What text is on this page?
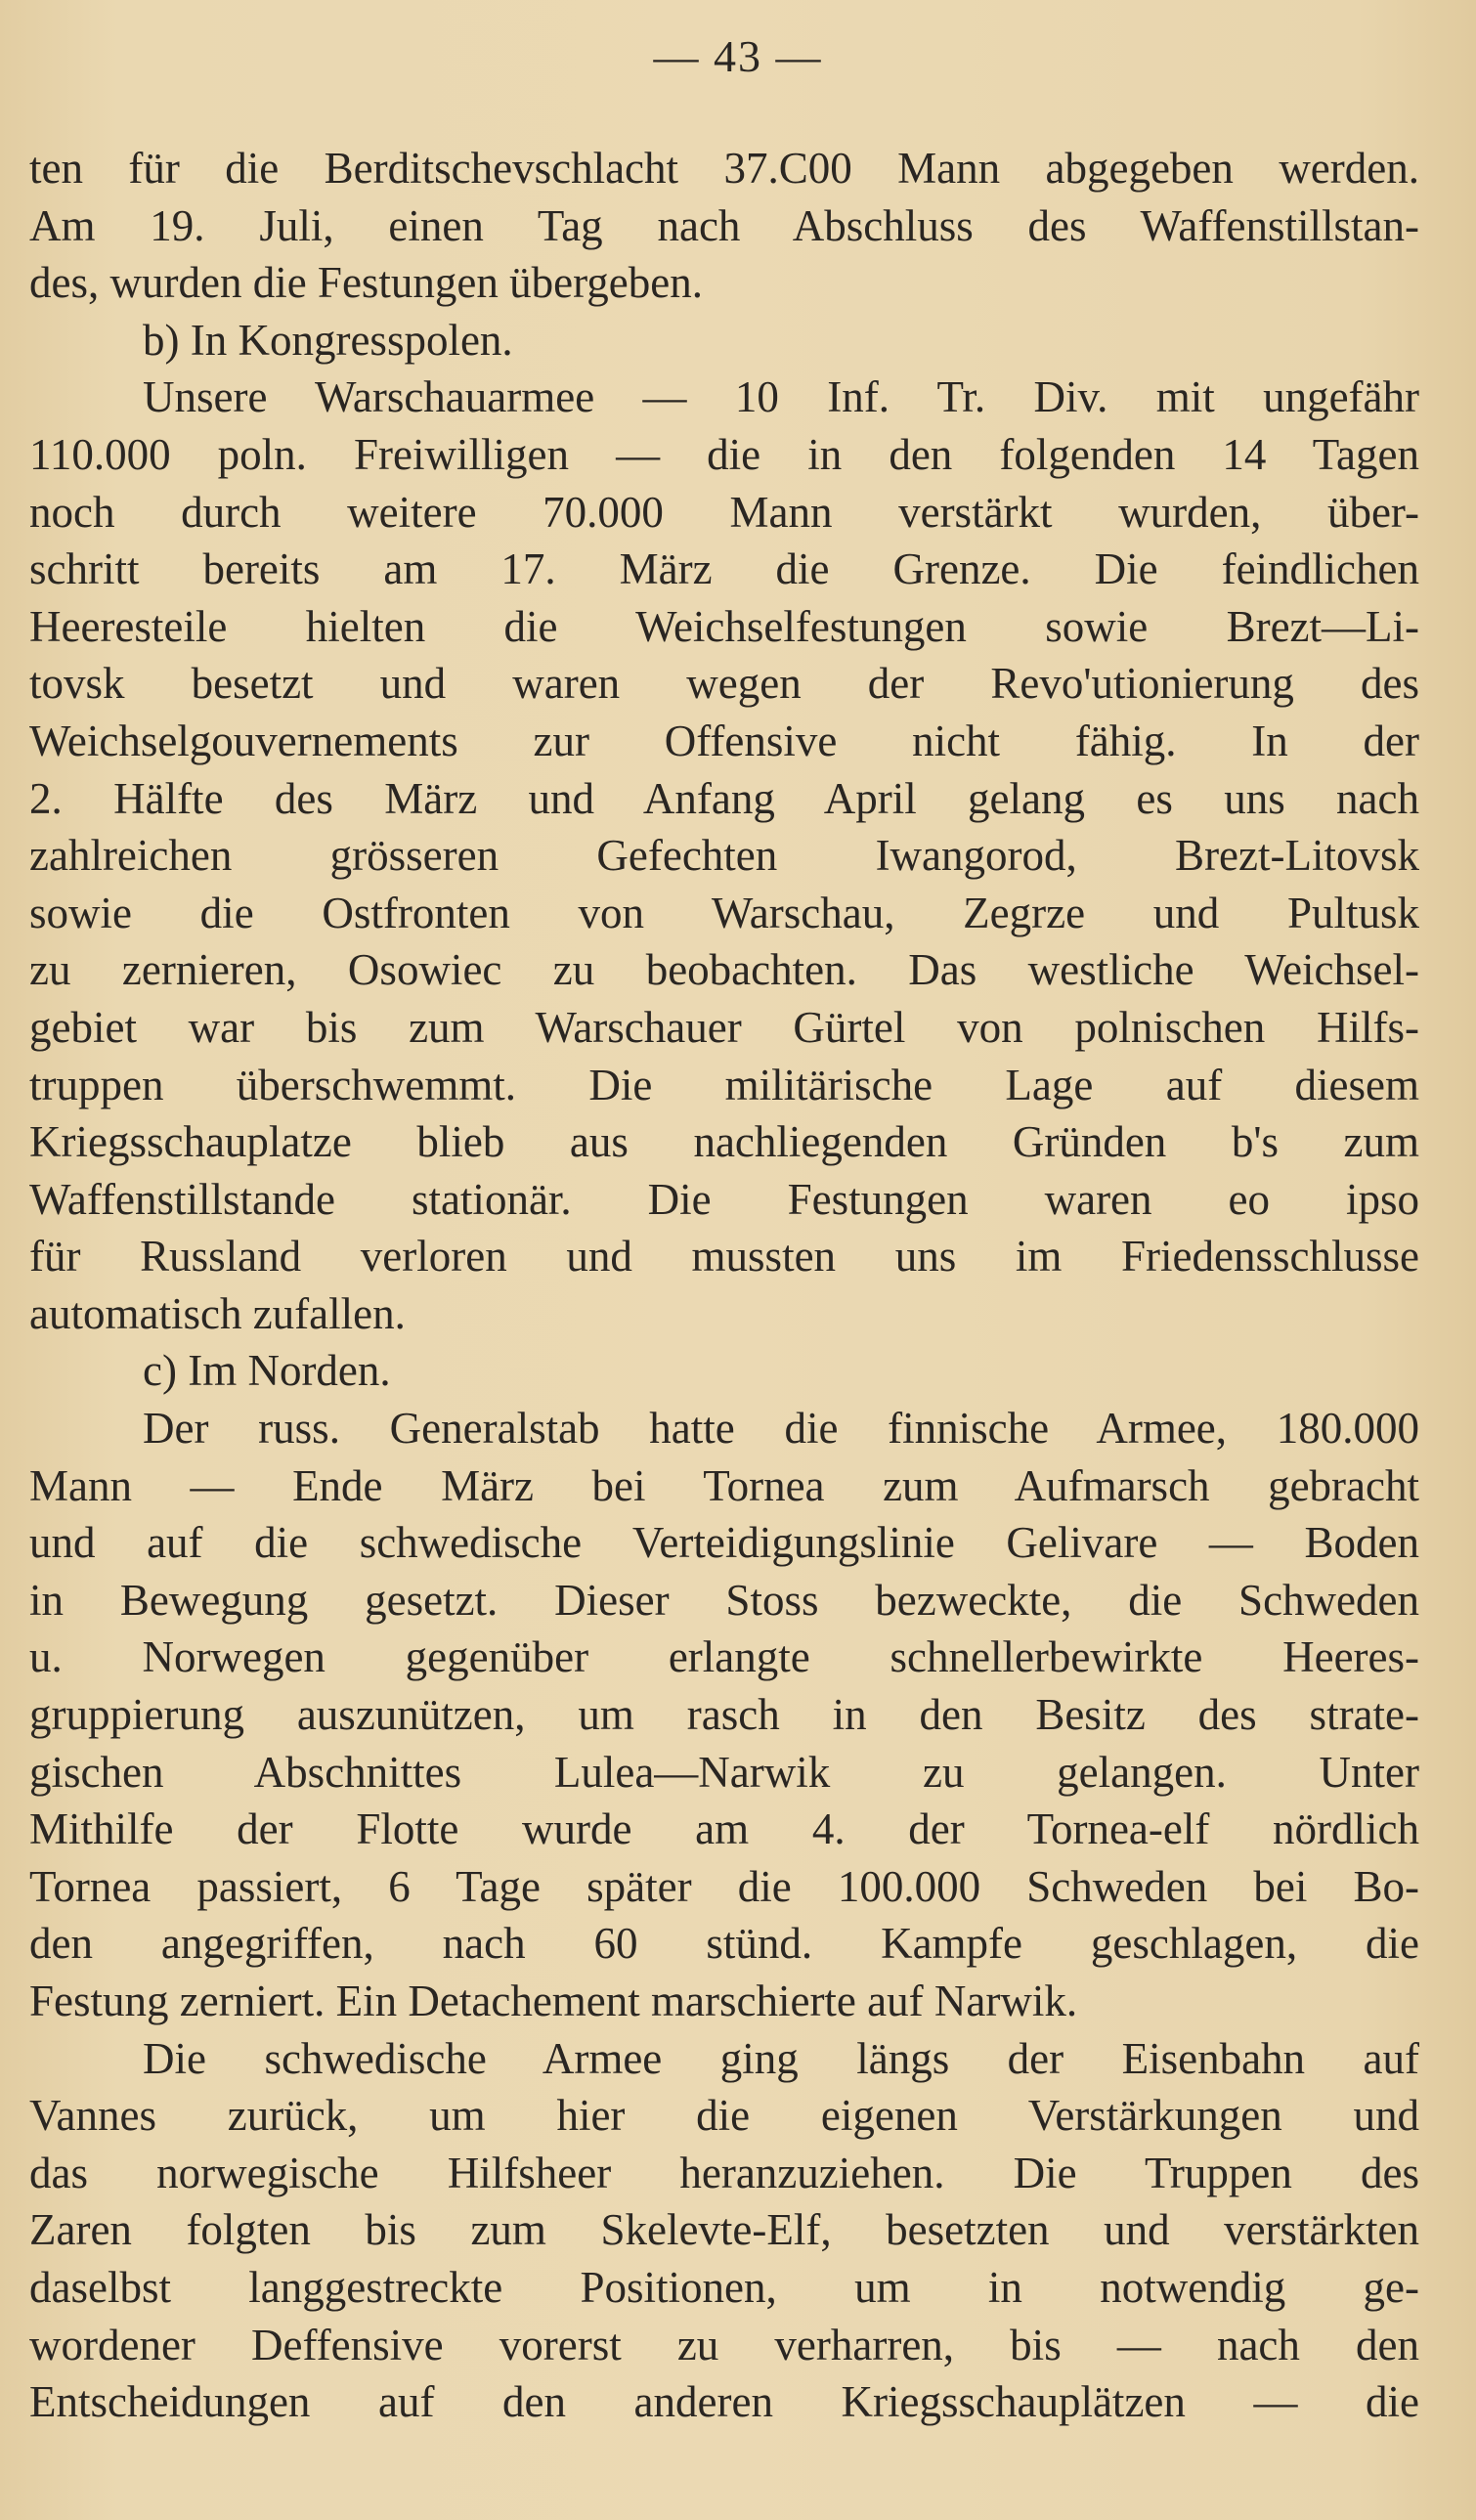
— 43 —
ten für die Berditschevschlacht 37.C00 Mann abgegeben werden.
Am 19. Juli, einen Tag nach Abschluss des Waffenstillstan-
des, wurden die Festungen übergeben.
b) In Kongresspolen.
Unsere Warschauarmee — 10 Inf. Tr. Div. mit ungefähr
110.000 poln. Freiwilligen — die in den folgenden 14 Tagen
noch durch weitere 70.000 Mann verstärkt wurden, über-
schritt bereits am 17. März die Grenze. Die feindlichen
Heeresteile hielten die Weichselfestungen sowie Brezt—Li-
tovsk besetzt und waren wegen der Revo'utionierung des
Weichselgouvernements zur Offensive nicht fähig. In der
2. Hälfte des März und Anfang April gelang es uns nach
zahlreichen grösseren Gefechten Iwangorod, Brezt-Litovsk
sowie die Ostfronten von Warschau, Zegrze und Pultusk
zu zernieren, Osowiec zu beobachten. Das westliche Weichsel-
gebiet war bis zum Warschauer Gürtel von polnischen Hilfs-
truppen überschwemmt. Die militärische Lage auf diesem
Kriegsschauplatze blieb aus nachliegenden Gründen b's zum
Waffenstillstande stationär. Die Festungen waren eo ipso
für Russland verloren und mussten uns im Friedensschlusse
automatisch zufallen.
c) Im Norden.
Der russ. Generalstab hatte die finnische Armee, 180.000
Mann — Ende März bei Tornea zum Aufmarsch gebracht
und auf die schwedische Verteidigungslinie Gelivare — Boden
in Bewegung gesetzt. Dieser Stoss bezweckte, die Schweden
u. Norwegen gegenüber erlangte schnellerbewirkte Heeres-
gruppierung auszunützen, um rasch in den Besitz des strate-
gischen Abschnittes Lulea—Narwik zu gelangen. Unter
Mithilfe der Flotte wurde am 4. der Tornea-elf nördlich
Tornea passiert, 6 Tage später die 100.000 Schweden bei Bo-
den angegriffen, nach 60 stünd. Kampfe geschlagen, die
Festung zerniert. Ein Detachement marschierte auf Narwik.
Die schwedische Armee ging längs der Eisenbahn auf
Vannes zurück, um hier die eigenen Verstärkungen und
das norwegische Hilfsheer heranzuziehen. Die Truppen des
Zaren folgten bis zum Skelevte-Elf, besetzten und verstärkten
daselbst langgestreckte Positionen, um in notwendig ge-
wordener Deffensive vorerst zu verharren, bis — nach den
Entscheidungen auf den anderen Kriegsschauplätzen — die
